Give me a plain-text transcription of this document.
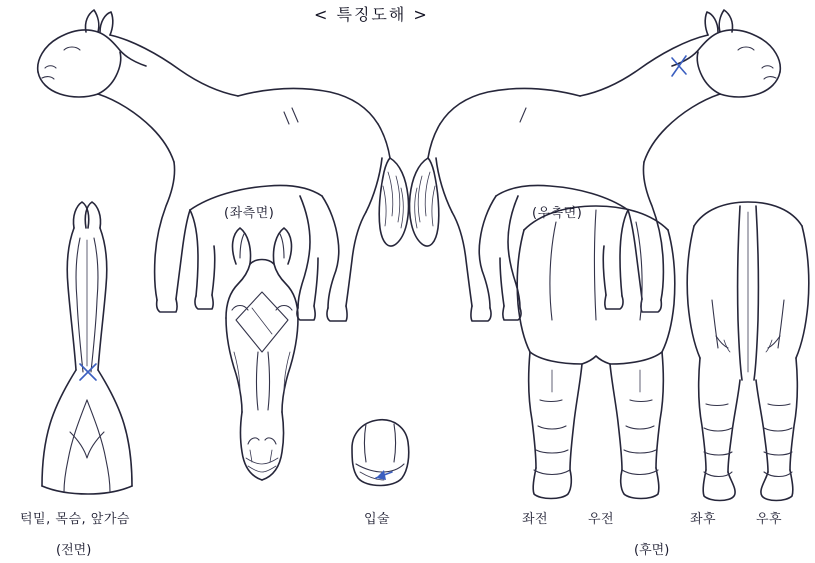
< 특징도해 >
(좌측면)	(우측면)
턱밑, 목슴, 앞가슴
(전면)
입술	좌전	우전	좌후	우후
(후면)
